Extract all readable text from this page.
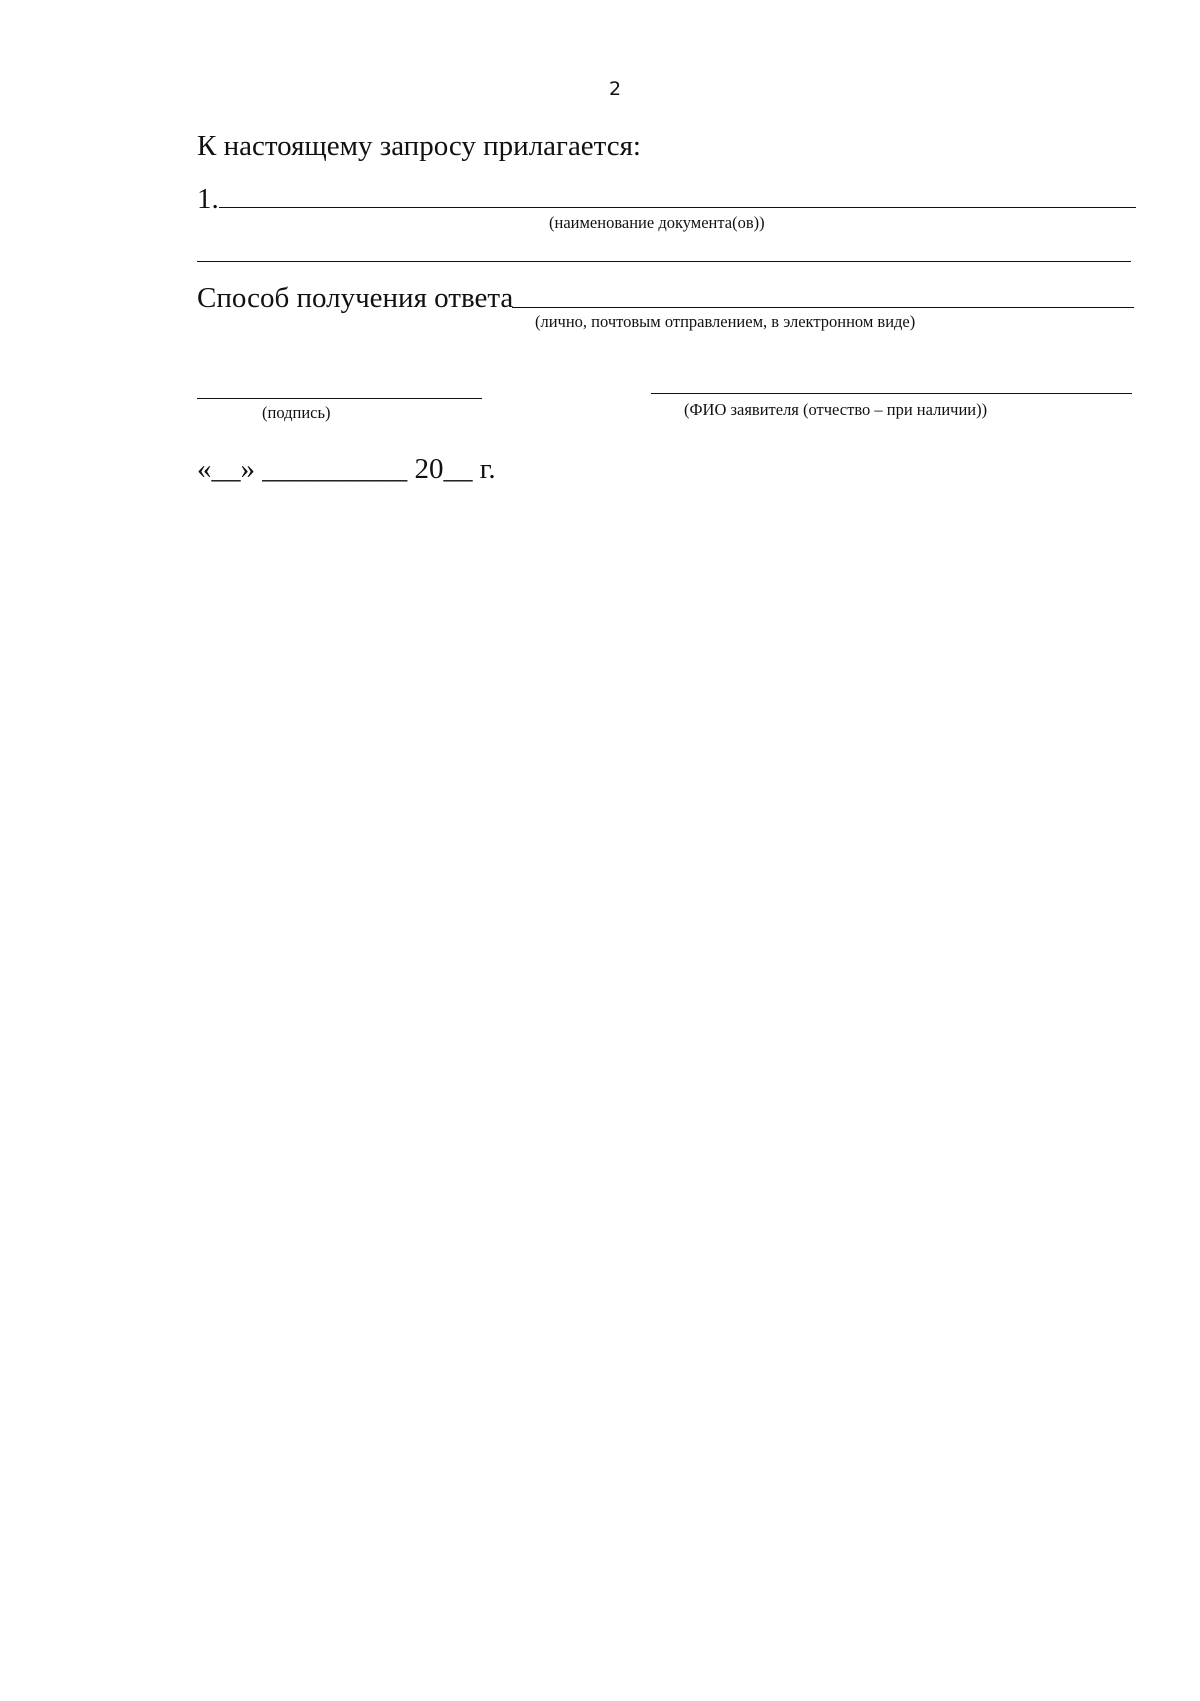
2
К настоящему запросу прилагается:
1.
(наименование документа(ов))
Способ получения ответа
(лично, почтовым отправлением, в электронном виде)
(подпись)	(ФИО заявителя (отчество – при наличии))
«__» __________ 20__ г.
